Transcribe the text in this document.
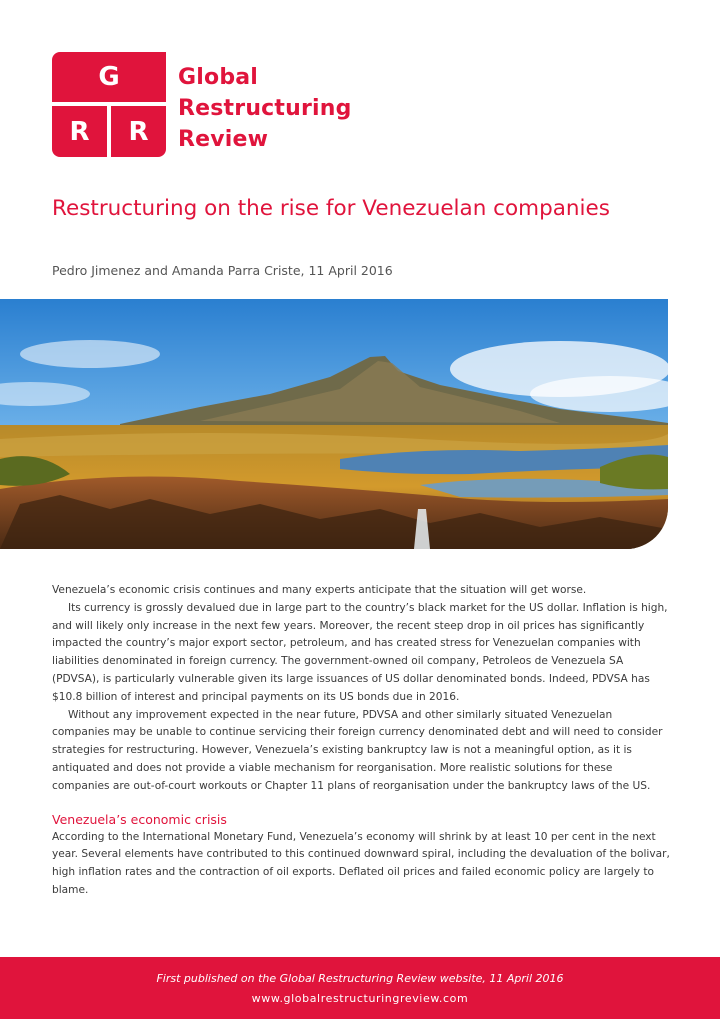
G
R	R
Global
Restructuring
Review
Restructuring on the rise for Venezuelan companies
Pedro Jimenez and Amanda Parra Criste, 11 April 2016

Venezuela’s economic crisis continues and many experts anticipate that the situation will get worse.

Its currency is grossly devalued due in large part to the country’s black market for the US dollar. Inflation is high, and will likely only increase in the next few years. Moreover, the recent steep drop in oil prices has significantly impacted the country’s major export sector, petroleum, and has created stress for Venezuelan companies with liabilities denominated in foreign currency. The government-owned oil company, Petroleos de Venezuela SA (PDVSA), is particularly vulnerable given its large issuances of US dollar denominated bonds. Indeed, PDVSA has $10.8 billion of interest and principal payments on its US bonds due in 2016.

Without any improvement expected in the near future, PDVSA and other similarly situated Venezuelan companies may be unable to continue servicing their foreign currency denominated debt and will need to consider strategies for restructuring. However, Venezuela’s existing bankruptcy law is not a meaningful option, as it is antiquated and does not provide a viable mechanism for reorganisation. More realistic solutions for these companies are out-of-court workouts or Chapter 11 plans of reorganisation under the bankruptcy laws of the US.

Venezuela’s economic crisis

According to the International Monetary Fund, Venezuela’s economy will shrink by at least 10 per cent in the next year. Several elements have contributed to this continued downward spiral, including the devaluation of the bolivar, high inflation rates and the contraction of oil exports. Deflated oil prices and failed economic policy are largely to blame.

First published on the Global Restructuring Review website, 11 April 2016
www.globalrestructuringreview.com
